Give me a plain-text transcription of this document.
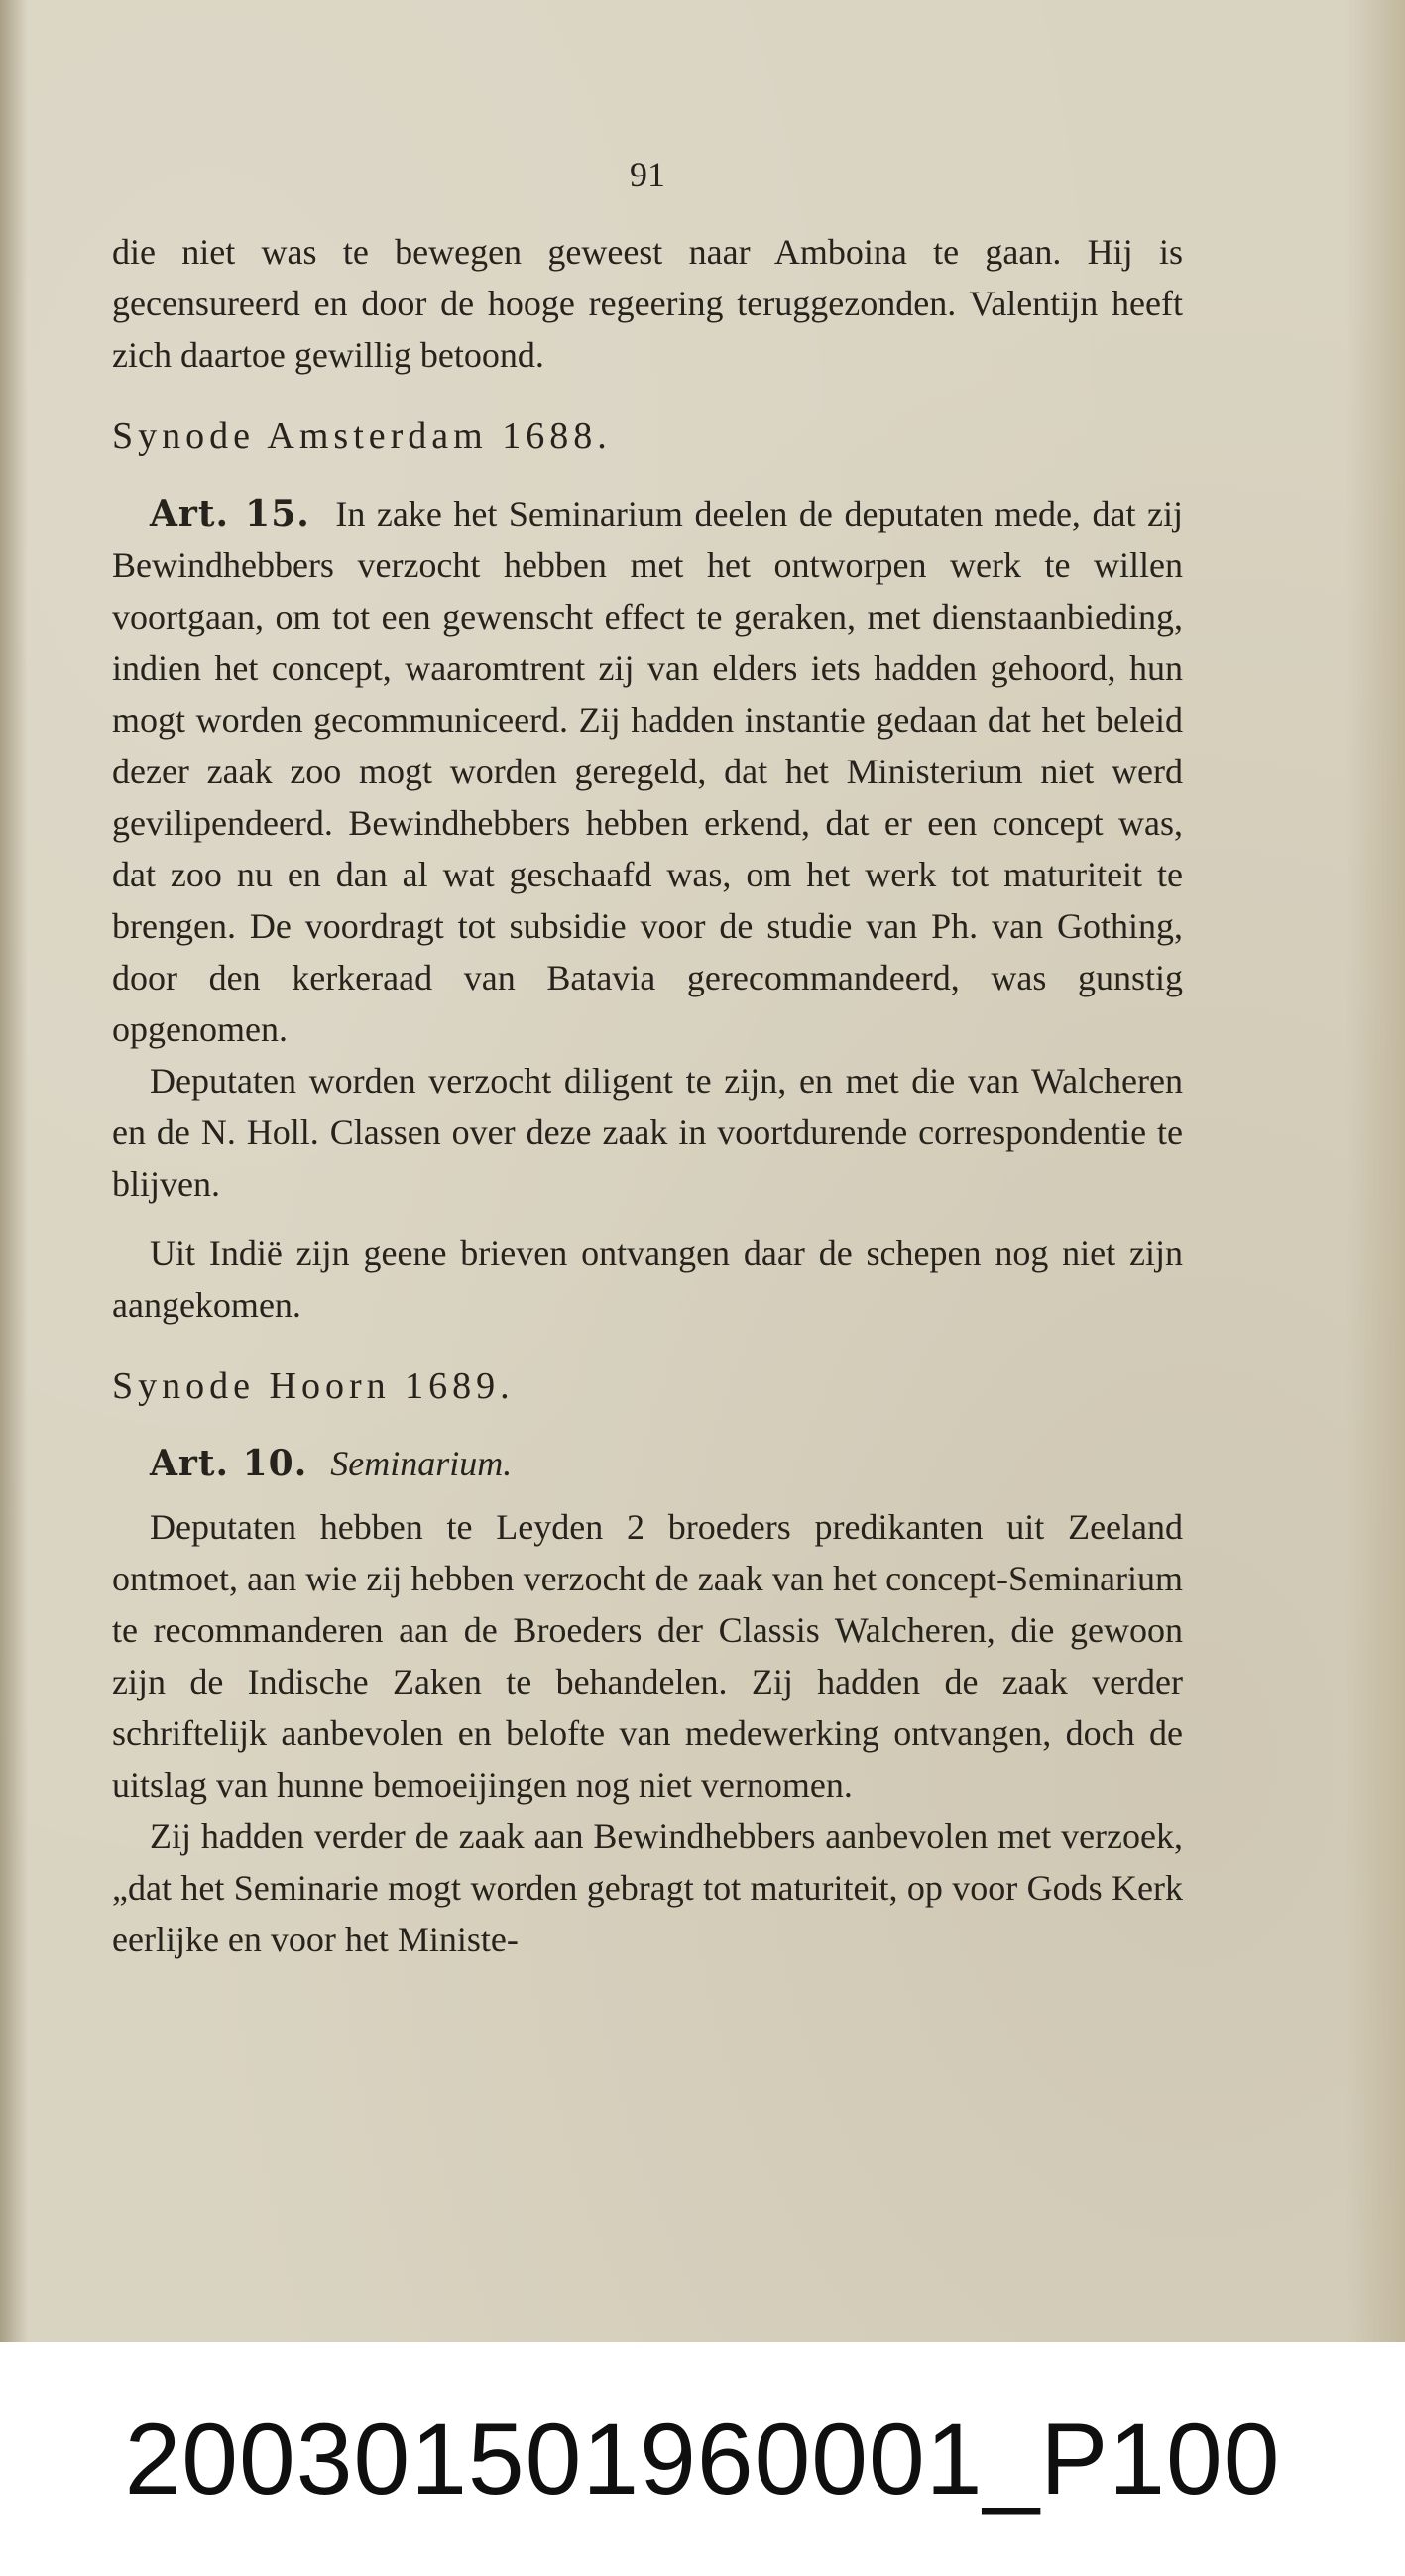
91

die niet was te bewegen geweest naar Amboina te gaan. Hij is gecensureerd en door de hooge regeering teruggezonden. Valentijn heeft zich daartoe gewillig betoond.

Synode Amsterdam 1688.

Art. 15. In zake het Seminarium deelen de deputaten mede, dat zij Bewindhebbers verzocht hebben met het ontworpen werk te willen voortgaan, om tot een gewenscht effect te geraken, met dienstaanbieding, indien het concept, waaromtrent zij van elders iets hadden gehoord, hun mogt worden gecommuniceerd. Zij hadden instantie gedaan dat het beleid dezer zaak zoo mogt worden geregeld, dat het Ministerium niet werd gevilipendeerd. Bewindhebbers hebben erkend, dat er een concept was, dat zoo nu en dan al wat geschaafd was, om het werk tot maturiteit te brengen. De voordragt tot subsidie voor de studie van Ph. van Gothing, door den kerkeraad van Batavia gerecommandeerd, was gunstig opgenomen.

Deputaten worden verzocht diligent te zijn, en met die van Walcheren en de N. Holl. Classen over deze zaak in voortdurende correspondentie te blijven.

Uit Indië zijn geene brieven ontvangen daar de schepen nog niet zijn aangekomen.

Synode Hoorn 1689.
Art. 10. Seminarium.

Deputaten hebben te Leyden 2 broeders predikanten uit Zeeland ontmoet, aan wie zij hebben verzocht de zaak van het concept-Seminarium te recommanderen aan de Broeders der Classis Walcheren, die gewoon zijn de Indische Zaken te behandelen. Zij hadden de zaak verder schriftelijk aanbevolen en belofte van medewerking ontvangen, doch de uitslag van hunne bemoeijingen nog niet vernomen.

Zij hadden verder de zaak aan Bewindhebbers aanbevolen met verzoek, „dat het Seminarie mogt worden gebragt tot maturiteit, op voor Gods Kerk eerlijke en voor het Ministe-

20030150196000​1_P100
